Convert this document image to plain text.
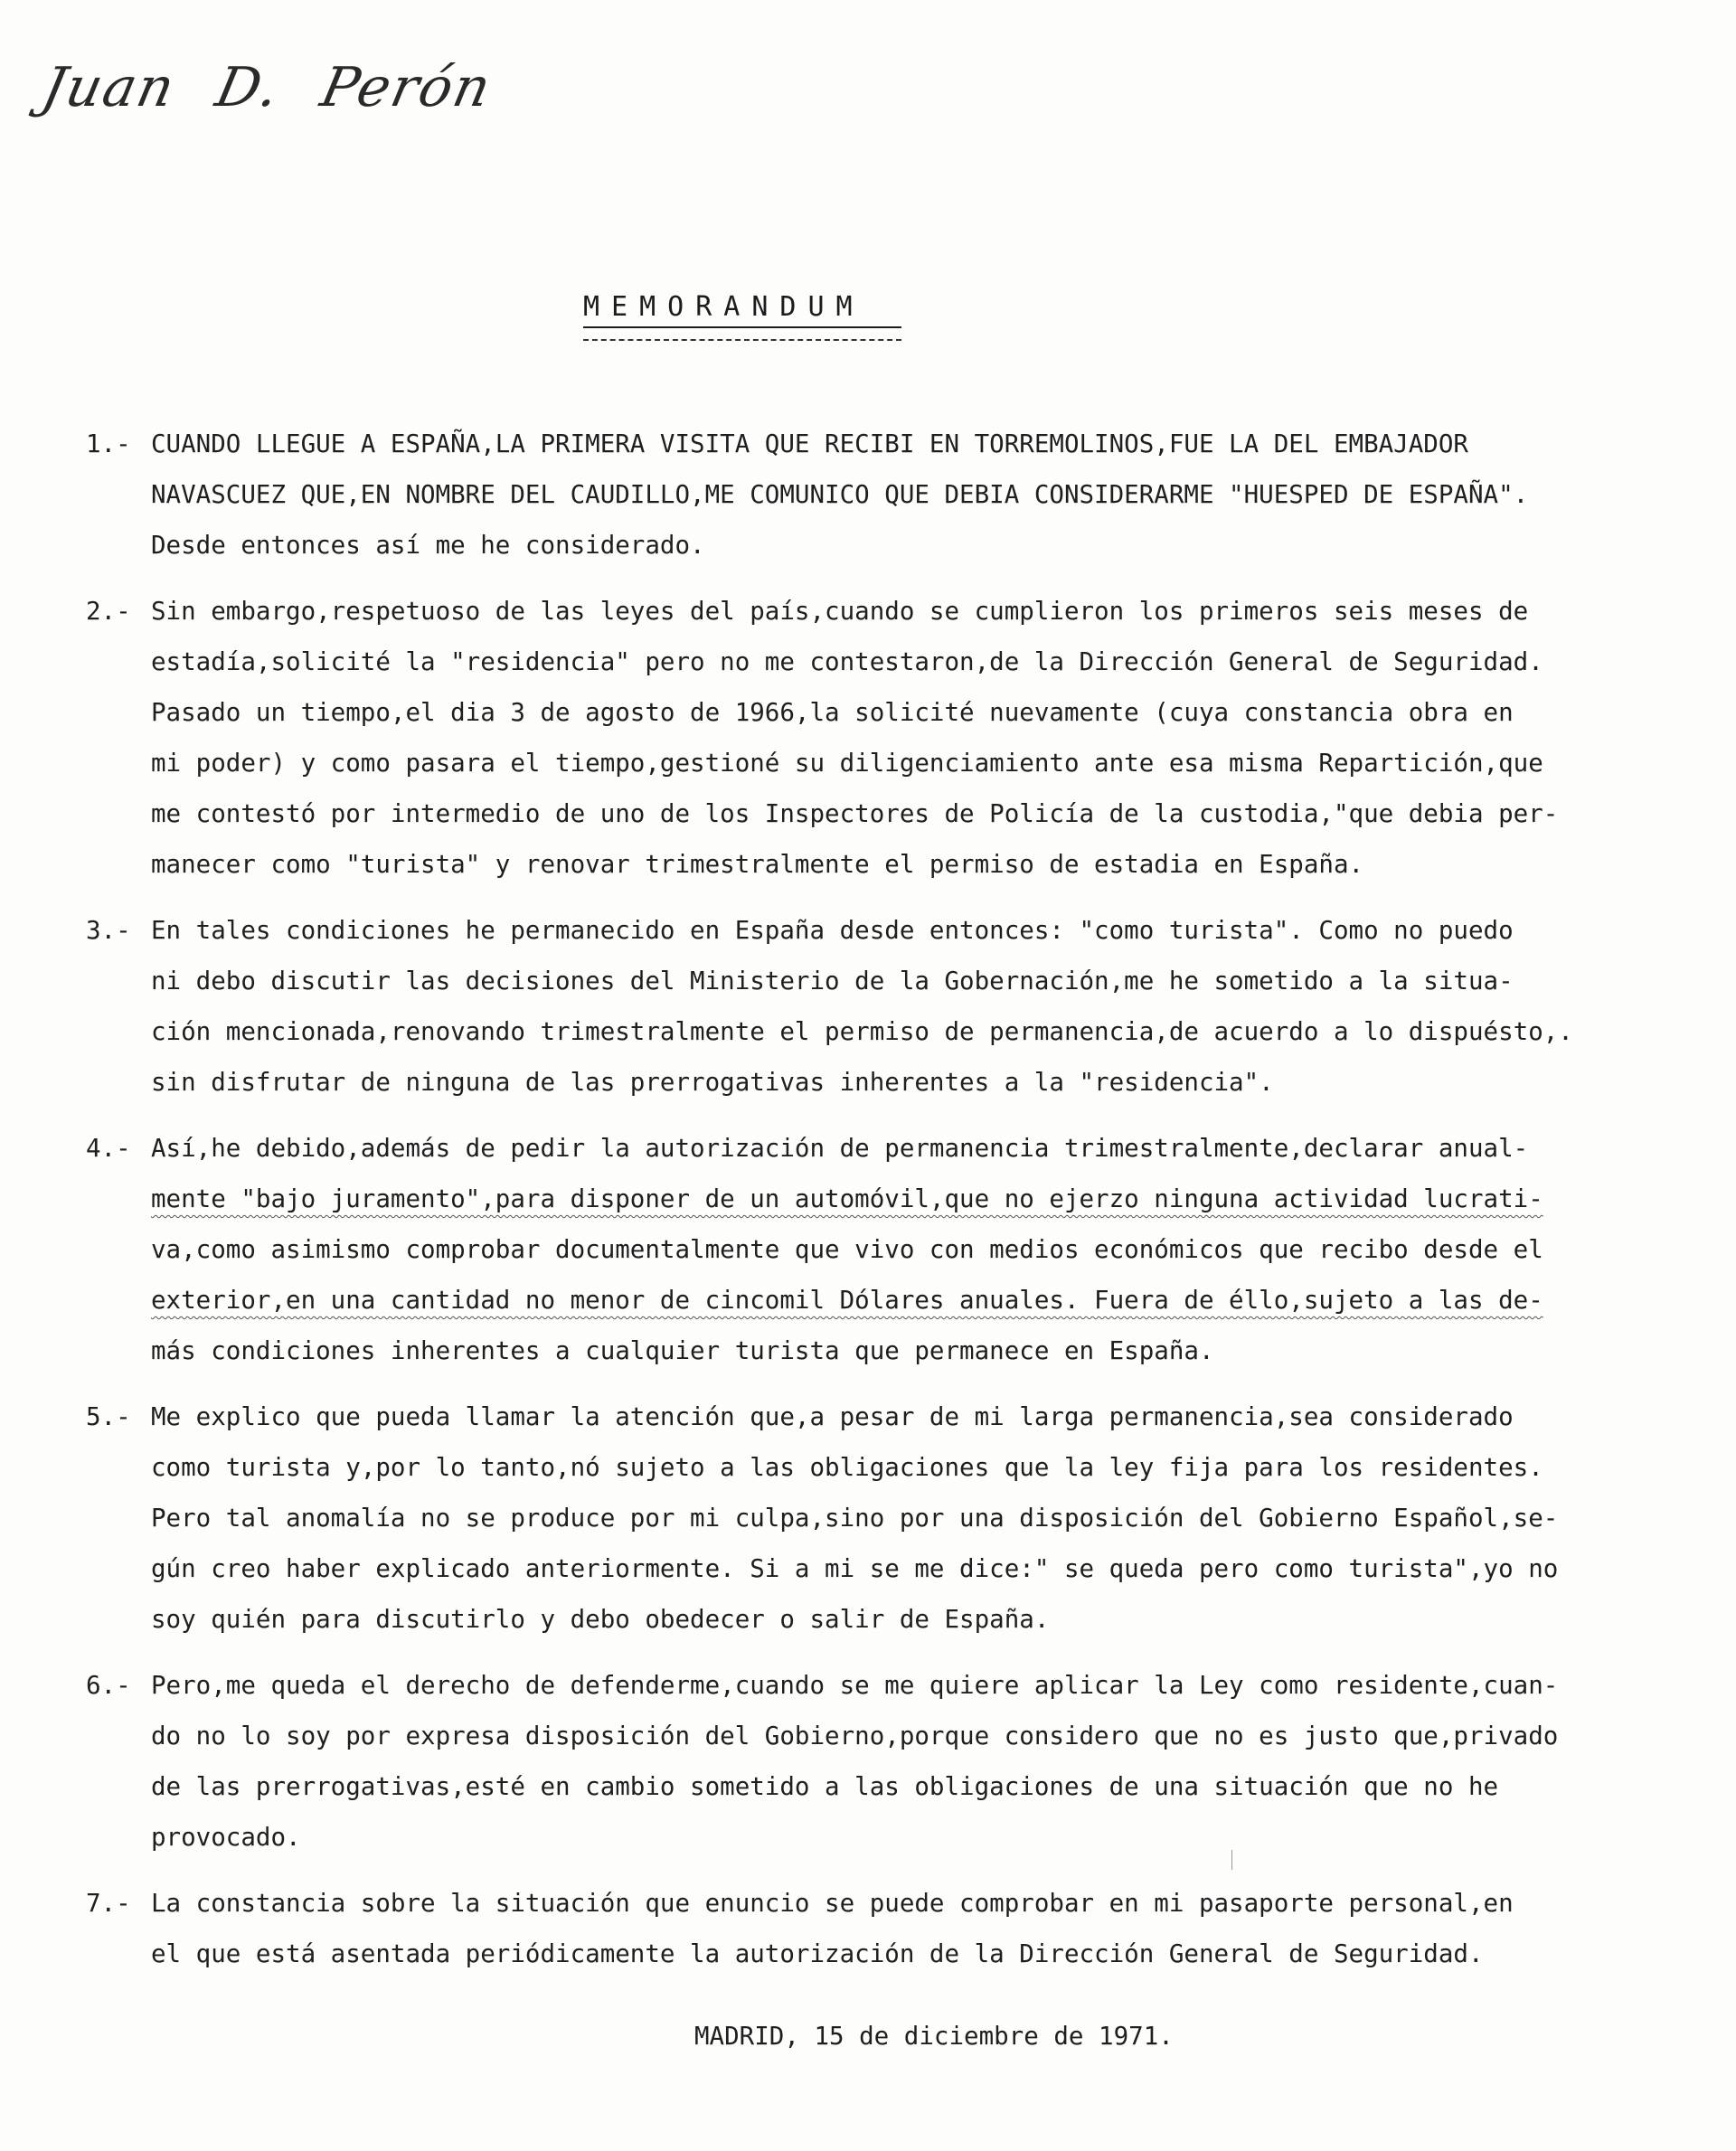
Juan D. Perón
MEMORANDUM
1.- CUANDO LLEGUE A ESPAÑA,LA PRIMERA VISITA QUE RECIBI EN TORREMOLINOS,FUE LA DEL EMBAJADOR
NAVASCUEZ QUE,EN NOMBRE DEL CAUDILLO,ME COMUNICO QUE DEBIA CONSIDERARME "HUESPED DE ESPAÑA".
Desde entonces así me he considerado.
2.- Sin embargo,respetuoso de las leyes del país,cuando se cumplieron los primeros seis meses de
estadía,solicité la "residencia" pero no me contestaron,de la Dirección General de Seguridad.
Pasado un tiempo,el dia 3 de agosto de 1966,la solicité nuevamente (cuya constancia obra en
mi poder) y como pasara el tiempo,gestioné su diligenciamiento ante esa misma Repartición,que
me contestó por intermedio de uno de los Inspectores de Policía de la custodia,"que debia per-
manecer como "turista" y renovar trimestralmente el permiso de estadia en España.
3.- En tales condiciones he permanecido en España desde entonces: "como turista". Como no puedo
ni debo discutir las decisiones del Ministerio de la Gobernación,me he sometido a la situa-
ción mencionada,renovando trimestralmente el permiso de permanencia,de acuerdo a lo dispuésto,.
sin disfrutar de ninguna de las prerrogativas inherentes a la "residencia".
4.- Así,he debido,además de pedir la autorización de permanencia trimestralmente,declarar anual-
mente "bajo juramento",para disponer de un automóvil,que no ejerzo ninguna actividad lucrati-
va,como asimismo comprobar documentalmente que vivo con medios económicos que recibo desde el
exterior,en una cantidad no menor de cincomil Dólares anuales. Fuera de éllo,sujeto a las de-
más condiciones inherentes a cualquier turista que permanece en España.
5.- Me explico que pueda llamar la atención que,a pesar de mi larga permanencia,sea considerado
como turista y,por lo tanto,nó sujeto a las obligaciones que la ley fija para los residentes.
Pero tal anomalía no se produce por mi culpa,sino por una disposición del Gobierno Español,se-
gún creo haber explicado anteriormente. Si a mi se me dice:" se queda pero como turista",yo no
soy quién para discutirlo y debo obedecer o salir de España.
6.- Pero,me queda el derecho de defenderme,cuando se me quiere aplicar la Ley como residente,cuan-
do no lo soy por expresa disposición del Gobierno,porque considero que no es justo que,privado
de las prerrogativas,esté en cambio sometido a las obligaciones de una situación que no he
provocado.
7.- La constancia sobre la situación que enuncio se puede comprobar en mi pasaporte personal,en
el que está asentada periódicamente la autorización de la Dirección General de Seguridad.
MADRID, 15 de diciembre de 1971.
